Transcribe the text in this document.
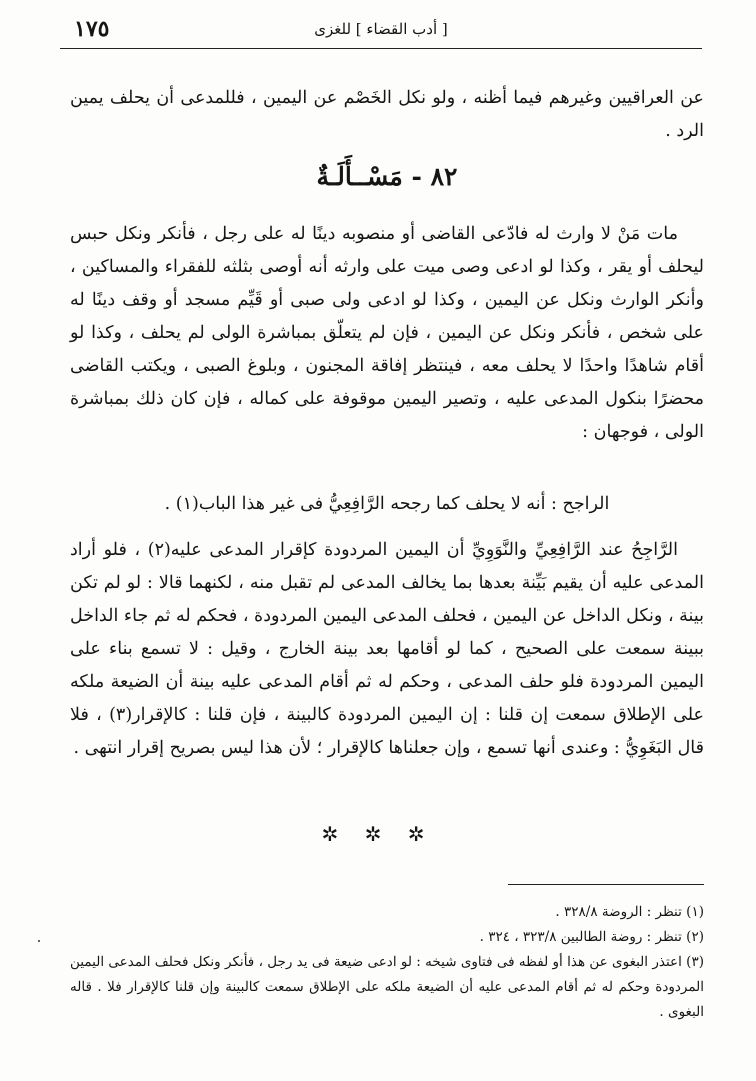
١٧٥	[ أدب القضاء ] للغزى
عن العراقيين وغيرهم فيما أظنه ، ولو نكل الخَصْم عن اليمين ، فللمدعى أن يحلف يمين الرد .
٨٢ - مَسْــأَلَـةٌ
مات مَنْ لا وارث له فادّعى القاضى أو منصوبه دينًا له على رجل ، فأنكر ونكل حبس ليحلف أو يقر ، وكذا لو ادعى وصى ميت على وارثه أنه أوصى بثلثه للفقراء والمساكين ، وأنكر الوارث ونكل عن اليمين ، وكذا لو ادعى ولى صبى أو قَيِّم مسجد أو وقف دينًا له على شخص ، فأنكر ونكل عن اليمين ، فإن لم يتعلّق بمباشرة الولى لم يحلف ، وكذا لو أقام شاهدًا واحدًا لا يحلف معه ، فينتظر إفاقة المجنون ، وبلوغ الصبى ، ويكتب القاضى محضرًا بنكول المدعى عليه ، وتصير اليمين موقوفة على كماله ، فإن كان ذلك بمباشرة الولى ، فوجهان :
الراجح : أنه لا يحلف كما رجحه الرَّافِعِيُّ فى غير هذا الباب(١) .
الرَّاجِحُ عند الرَّافِعِيِّ والنَّوَوِيِّ أن اليمين المردودة كإقرار المدعى عليه(٢) ، فلو أراد المدعى عليه أن يقيم بَيِّنة بعدها بما يخالف المدعى لم تقبل منه ، لكنهما قالا : لو لم تكن بينة ، ونكل الداخل عن اليمين ، فحلف المدعى اليمين المردودة ، فحكم له ثم جاء الداخل ببينة سمعت على الصحيح ، كما لو أقامها بعد بينة الخارج ، وقيل : لا تسمع بناء على اليمين المردودة فلو حلف المدعى ، وحكم له ثم أقام المدعى عليه بينة أن الضيعة ملكه على الإطلاق سمعت إن قلنا : إن اليمين المردودة كالبينة ، فإن قلنا : كالإقرار(٣) ، فلا قال البَغَوِيُّ : وعندى أنها تسمع ، وإن جعلناها كالإقرار ؛ لأن هذا ليس بصريح إقرار انتهى .
✲ ✲ ✲
(١) تنظر : الروضة ٣٢٨/٨ .
(٢) تنظر : روضة الطالبين ٣٢٣/٨ ، ٣٢٤ .
(٣) اعتذر البغوى عن هذا أو لفظه فى فتاوى شيخه : لو ادعى ضيعة فى يد رجل ، فأنكر ونكل فحلف المدعى اليمين المردودة وحكم له ثم أقام المدعى عليه أن الضيعة ملكه على الإطلاق سمعت كالبينة وإن قلنا كالإقرار فلا . قاله البغوى .
